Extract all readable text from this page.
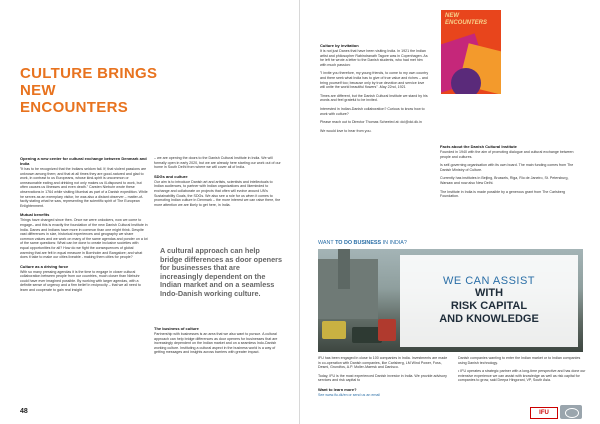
CULTURE BRINGS
NEW ENCOUNTERS
Opening a new center for cultural exchange between Denmark and India

"It has to be recognized that the Indians seldom fail. If; that violent passions are unknown among them; and that at all times they are good-natured and glad to work, in contrast to us Europeans, whose kind-spirit is uncommon or unreasonable eating and drinking not only makes us ill-disposed to work, but often causes us illnesses and even death." Carsten Niebuhr wrote these observations in 1764 while visiting Mumbai as part of a Danish expedition. While he serves as an exemplary visitor, he was also a distant observer – matter-of-factly stating what he saw, representing the scientific spirit of The European Enlightenment.

Mutual benefits

Things have changed since then. Once we were onlookers, now we come to engage– and this is exactly the foundation of the new Danish Cultural Institute in India. Danes and Indians have more in common than one might think. Despite vast differences in size, historical experiences and geography we share common values and we work on many of the same agendas and ponder on a lot of the same questions: What can be done to create inclusive societies with equal opportunities for all? How do we fight the consequences of global warming that are felt in equal measure in Bornholm and Bangalore; and what does it take to make our cities liveable - making them cities for people?

Culture as a driving force

With so many pressing agendas it is the time to engage in closer cultural collaboration between people from our countries, much closer than Niebuhr could have ever imagined possible. By working with larger agendas, with a definite sense of urgency and a firm belief in reciprocity – that we all need to learn and cooperate to gain real insight

– we are opening the doors to the Danish Cultural Institute in India. We will formally open in early 2020, but we are already here starting our work out of our home in South Delhi from where we will cover all of India.

SDGs and culture

Our aim is to introduce Danish art and artists, scientists and intellectuals to Indian audiences, to partner with Indian organizations and likeminded to exchange and collaborate on projects that often will evolve around UN's Sustainability Goals, the SDGs. We also see a role for us when it comes to promoting Indian culture in Denmark – the more interest we can raise there, the more attention we are likely to get here, in India.

A cultural approach can help bridge differences as door openers for businesses that are increasingly dependent on the Indian market and on a seamless Indo-Danish working culture.
The business of culture

Partnership with businesses is an area that we also want to pursue. A cultural approach can help bridge differences as door openers for businesses that are increasingly dependent on the Indian market and on a seamless Indo-Danish working culture. Instituting a cultural aspect in the business world is a way of getting messages and insights across barriers with greater impact.

48
Culture by invitation

It is not just Danes that have been visiting India. In 1921 the Indian artist and philosopher Rabindranath Tagore was in Copenhagen. As he left he wrote a letter to the Danish students, who had met him with much passion:

"I invite you therefore, my young friends, to come to my own country and there seek what India has to give of true value and riches – and bring yourself too; because only by true devotion and service love will unite the world beautiful flowers" -May 22nd, 1921

Times are different, but the Danish Cultural Institute we stand by his words and feel grateful to be invited.

Interested in Indian-Danish collaboration? Curious to know how to work with culture?

Please reach out to Director Thomas Scheeled at: dci@dci.dk.in

We would love to hear from you.

NEW ENCOUNTERS
Facts about the Danish Cultural Institute

Founded in 1940 with the aim of promoting dialogue and cultural exchange between people and cultures.

Is self-governing organisation with its own board. The main funding comes from The Danish Ministry of Culture.

Currently has institutes in Beijing, Brussels, Riga, Rio de Janeiro, St. Petersburg, Warsaw and now also New Delhi.

The Institute in India is made possible by a generous grant from The Carlsberg Foundation.

WANT TO DO BUSINESS IN INDIA?
WE CAN ASSIST
WITH
RISK CAPITAL
AND KNOWLEDGE

IFU has been engaged in close to 100 companies in India. Investments are made in co-operation with Danish companies, like Carlsberg, LM Wind Power, Foss, Desmi, Grundfos, A.P. Moller-Maersk and Danisco.

Today, IFU is the most experienced Danish investor in India. We provide advisory services and risk capital to

Want to learn more?

See www.ifu.dk/en or send us an email

Danish companies wanting to enter the Indian market or to Indian companies using Danish technology.

• IFU operates a strategic partner with a long-time perspective and has done our extensive experience we can assist with knowledge as well as risk capital for companies to grow, said Deepa Hingorani, VP, South Asia.

IFU
